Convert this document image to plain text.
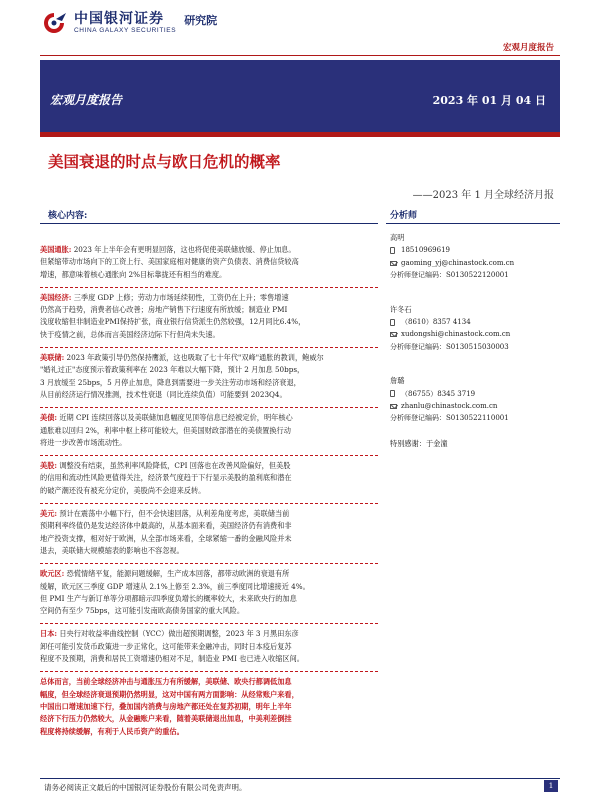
中国银河证券
CHINA GALAXY SECURITIES
研究院
宏观月度报告
宏观月度报告	2023 年 01 月 04 日
美国衰退的时点与欧日危机的概率
——2023 年 1 月全球经济月报
核心内容:
美国通胀: 2023 年上半年会有更明显回落，这也将促使美联储放缓、停止加息。
但紧缩带动市场向下的工资上行、美国家庭相对健康的资产负债表、消费信贷较高
增速，都意味着核心通胀向 2%目标靠拢还有相当的难度。
美国经济: 三季度 GDP 上修；劳动力市场延续韧性，工资仍在上升；零售增速
仍然高于趋势，消费者信心改善；房地产销售下行速度有所放缓；制造业 PMI
浅度收缩但非制造业PMI保持扩张，商业银行信贷派生仍然较强，12月同比6.4%，
快于疫情之前，总体而言美国经济边际下行但尚未失速。
美联储: 2023 年政策引导仍然保持鹰派，这也吸取了七十年代"双峰"通胀的教训，鲍威尔
"婚礼过正"态度预示着政策利率在 2023 年难以大幅下降，预计 2 月加息 50bps，
3 月放缓至 25bps，5 月停止加息，降息到需要进一步关注劳动市场和经济衰退，
从目前经济运行情况推测，技术性衰退（同比连续负值）可能要到 2023Q4。
美债: 近期 CPI 连续回落以及美联储加息幅度见顶等信息已经被定价，明年核心
通胀难以回归 2%，利率中枢上移可能较大，但美国财政部潜在的美债置换行动
将进一步改善市场流动性。
美股: 调整没有结束，虽然利率风险降低，CPI 回落也在改善风险偏好，但美股
的信用和流动性风险更值得关注，经济景气度趋于下行显示美股的盈利底和潜在
的破产潮还没有被充分定价，美股尚不会迎来反转。
美元: 预计在震荡中小幅下行，但不会快速回落，从利差角度考虑，美联储当前
预期利率终值仍是发达经济体中最高的，从基本面来看，美国经济仍有消费和非
地产投资支撑，相对好于欧洲，从全部市场来看，全球紧缩一番的金融风险并未
退去，美联储大规模缩表的影响也不容忽视。
欧元区: 恐慌情绪平复，能源问题缓解，生产成本回落，都带动欧洲的衰退有所
缓解，欧元区三季度 GDP 增速从 2.1%上修至 2.3%，前三季度同比增速接近 4%。
但 PMI 生产与新订单等分项都暗示四季度负增长的概率较大，未来欧央行的加息
空间仍有至少 75bps，这可能引发南欧高债务国家的重大风险。
日本: 日央行对收益率曲线控制（YCC）做出超预期调整，2023 年 3 月黑田东彦
卸任可能引发货币政策进一步正常化，这可能带来金融冲击，同时日本疫后复苏
程度不及预期，消费和居民工资增速仍相对不足，制造业 PMI 也已进入收缩区间。
总体而言，当前全球经济冲击与通胀压力有所缓解，美联储、欧央行都调低加息
幅度，但全球经济衰退预期仍然明显，这对中国有两方面影响：从经常账户来看，
中国出口增速加速下行，叠加国内消费与房地产都还处在复苏初期，明年上半年
经济下行压力仍然较大，从金融账户来看，随着美联储退出加息，中美利差倒挂
程度将持续缓解，有利于人民币资产的重估。
分析师
高明
18510969619
gaoming_yj@chinastock.com.cn
分析师登记编码：S0130522120001
许冬石
（8610）8357 4134
xudongshi@chinastock.com.cn
分析师登记编码：S0130515030003
詹璐
（86755）8345 3719
zhanlu@chinastock.com.cn
分析师登记编码：S0130522110001
特别感谢：于金潼
请务必阅读正文最后的中国银河证券股份有限公司免责声明。	1
